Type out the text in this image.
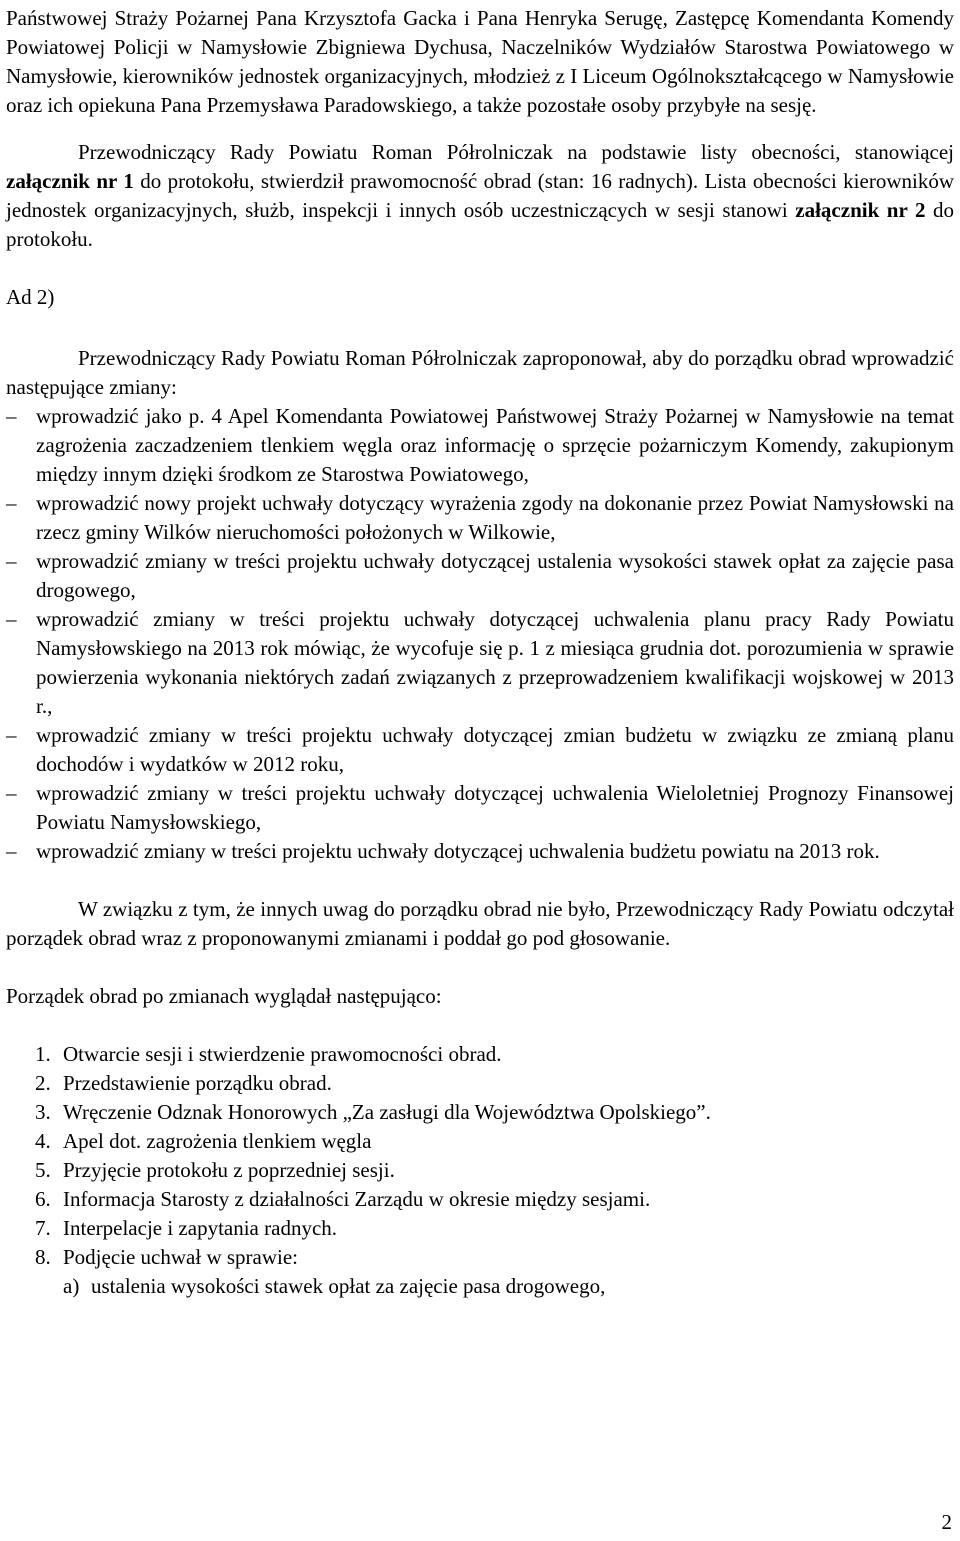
Państwowej Straży Pożarnej Pana Krzysztofa Gacka i Pana Henryka Serugę, Zastępcę Komendanta Komendy Powiatowej Policji w Namysłowie Zbigniewa Dychusa, Naczelników Wydziałów Starostwa Powiatowego w Namysłowie, kierowników jednostek organizacyjnych, młodzież z I Liceum Ogólnokształcącego w Namysłowie oraz ich opiekuna Pana Przemysława Paradowskiego, a także pozostałe osoby przybyłe na sesję.

Przewodniczący Rady Powiatu Roman Półrolniczak na podstawie listy obecności, stanowiącej załącznik nr 1 do protokołu, stwierdził prawomocność obrad (stan: 16 radnych). Lista obecności kierowników jednostek organizacyjnych, służb, inspekcji i innych osób uczestniczących w sesji stanowi załącznik nr 2 do protokołu.

Ad 2)

Przewodniczący Rady Powiatu Roman Półrolniczak zaproponował, aby do porządku obrad wprowadzić następujące zmiany:

– wprowadzić jako p. 4 Apel Komendanta Powiatowej Państwowej Straży Pożarnej w Namysłowie na temat zagrożenia zaczadzeniem tlenkiem węgla oraz informację o sprzęcie pożarniczym Komendy, zakupionym między innym dzięki środkom ze Starostwa Powiatowego,
– wprowadzić nowy projekt uchwały dotyczący wyrażenia zgody na dokonanie przez Powiat Namysłowski na rzecz gminy Wilków nieruchomości położonych w Wilkowie,
– wprowadzić zmiany w treści projektu uchwały dotyczącej ustalenia wysokości stawek opłat za zajęcie pasa drogowego,
– wprowadzić zmiany w treści projektu uchwały dotyczącej uchwalenia planu pracy Rady Powiatu Namysłowskiego na 2013 rok mówiąc, że wycofuje się p. 1 z miesiąca grudnia dot. porozumienia w sprawie powierzenia wykonania niektórych zadań związanych z przeprowadzeniem kwalifikacji wojskowej w 2013 r.,
– wprowadzić zmiany w treści projektu uchwały dotyczącej zmian budżetu w związku ze zmianą planu dochodów i wydatków w 2012 roku,
– wprowadzić zmiany w treści projektu uchwały dotyczącej uchwalenia Wieloletniej Prognozy Finansowej Powiatu Namysłowskiego,
– wprowadzić zmiany w treści projektu uchwały dotyczącej uchwalenia budżetu powiatu na 2013 rok.

W związku z tym, że innych uwag do porządku obrad nie było, Przewodniczący Rady Powiatu odczytał porządek obrad wraz z proponowanymi zmianami i poddał go pod głosowanie.

Porządek obrad po zmianach wyglądał następująco:

1. Otwarcie sesji i stwierdzenie prawomocności obrad.
2. Przedstawienie porządku obrad.
3. Wręczenie Odznak Honorowych „Za zasługi dla Województwa Opolskiego”.
4. Apel dot. zagrożenia tlenkiem węgla
5. Przyjęcie protokołu z poprzedniej sesji.
6. Informacja Starosty z działalności Zarządu w okresie między sesjami.
7. Interpelacje i zapytania radnych.
8. Podjęcie uchwał w sprawie:
a) ustalenia wysokości stawek opłat za zajęcie pasa drogowego,
2
